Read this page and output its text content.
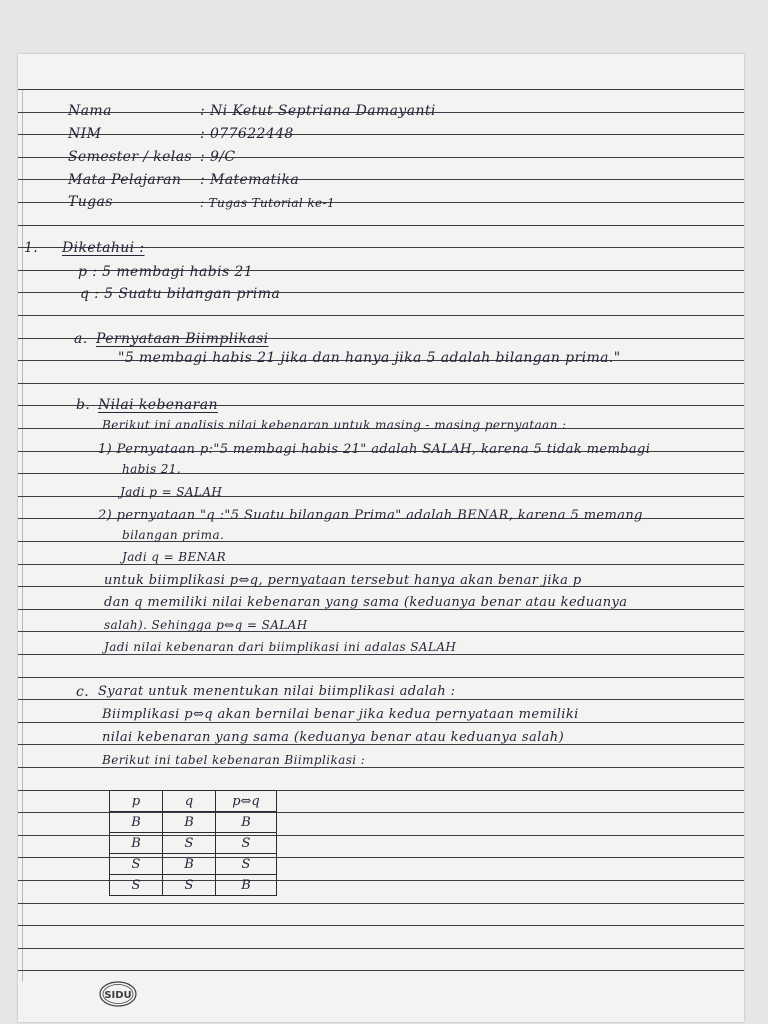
Nama	: Ni Ketut Septriana Damayanti
NIM	: 077622448
Semester / kelas : 9/C
Mata Pelajaran : Matematika
Tugas	: Tugas Tutorial ke-1
1. Diketahui :
p : 5 membagi habis 21
q : 5 Suatu bilangan prima
a. Pernyataan Biimplikasi
"5 membagi habis 21 jika dan hanya jika 5 adalah bilangan prima."
b. Nilai kebenaran
Berikut ini analisis nilai kebenaran untuk masing - masing pernyataan :
1) Pernyataan p:"5 membagi habis 21" adalah SALAH, karena 5 tidak membagi
habis 21.
Jadi p = SALAH
2) pernyataan "q :"5 Suatu bilangan Prima" adalah BENAR, karena 5 memang
bilangan prima.
Jadi q = BENAR
untuk biimplikasi p⇔q, pernyataan tersebut hanya akan benar jika p
dan q memiliki nilai kebenaran yang sama (keduanya benar atau keduanya
salah). Sehingga p⇔q = SALAH
Jadi nilai kebenaran dari biimplikasi ini adalas SALAH
c. Syarat untuk menentukan nilai biimplikasi adalah :
Biimplikasi p⇔q akan bernilai benar jika kedua pernyataan memiliki
nilai kebenaran yang sama (keduanya benar atau keduanya salah)
Berikut ini tabel kebenaran Biimplikasi :
p	q	p⇔q
B	B	B
B	S	S
S	B	S
S	S	B
SIDU
